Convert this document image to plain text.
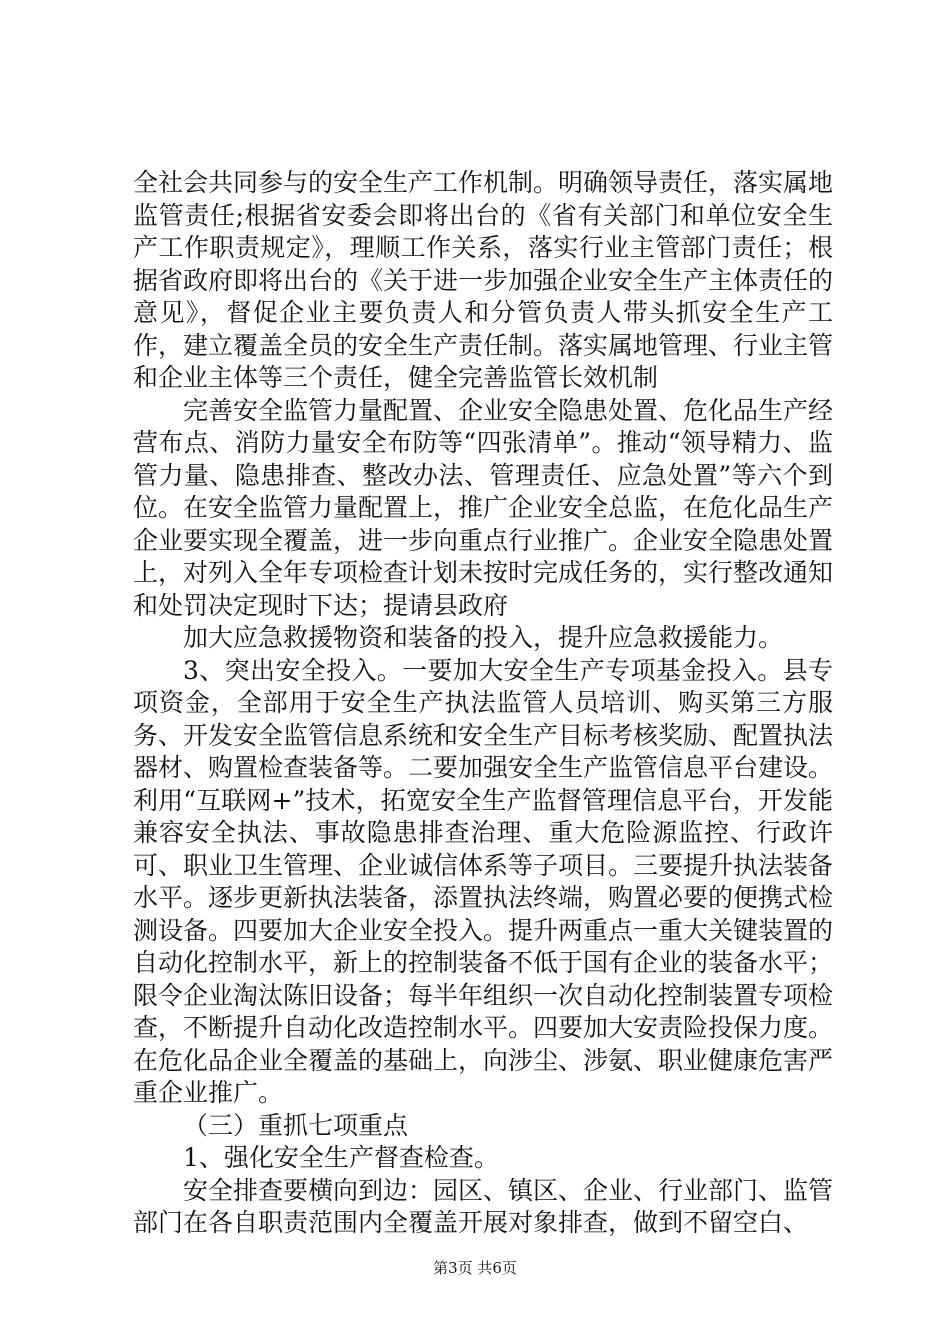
全社会共同参与的安全生产工作机制。明确领导责任，落实属地监管责任;根据省安委会即将出台的《省有关部门和单位安全生产工作职责规定》，理顺工作关系，落实行业主管部门责任；根据省政府即将出台的《关于进一步加强企业安全生产主体责任的意见》，督促企业主要负责人和分管负责人带头抓安全生产工作，建立覆盖全员的安全生产责任制。落实属地管理、行业主管和企业主体等三个责任，健全完善监管长效机制

完善安全监管力量配置、企业安全隐患处置、危化品生产经营布点、消防力量安全布防等“四张清单”。推动“领导精力、监管力量、隐患排查、整改办法、管理责任、应急处置”等六个到位。在安全监管力量配置上，推广企业安全总监，在危化品生产企业要实现全覆盖，进一步向重点行业推广。企业安全隐患处置上，对列入全年专项检查计划未按时完成任务的，实行整改通知和处罚决定现时下达；提请县政府

加大应急救援物资和装备的投入，提升应急救援能力。

3、突出安全投入。一要加大安全生产专项基金投入。县专项资金，全部用于安全生产执法监管人员培训、购买第三方服务、开发安全监管信息系统和安全生产目标考核奖励、配置执法器材、购置检查装备等。二要加强安全生产监管信息平台建设。利用“互联网+”技术，拓宽安全生产监督管理信息平台，开发能兼容安全执法、事故隐患排查治理、重大危险源监控、行政许可、职业卫生管理、企业诚信体系等子项目。三要提升执法装备水平。逐步更新执法装备，添置执法终端，购置必要的便携式检测设备。四要加大企业安全投入。提升两重点一重大关键装置的自动化控制水平，新上的控制装备不低于国有企业的装备水平；限令企业淘汰陈旧设备；每半年组织一次自动化控制装置专项检查，不断提升自动化改造控制水平。四要加大安责险投保力度。在危化品企业全覆盖的基础上，向涉尘、涉氨、职业健康危害严重企业推广。

（三）重抓七项重点

1、强化安全生产督查检查。

安全排查要横向到边：园区、镇区、企业、行业部门、监管部门在各自职责范围内全覆盖开展对象排查，做到不留空白、

第3页 共6页
